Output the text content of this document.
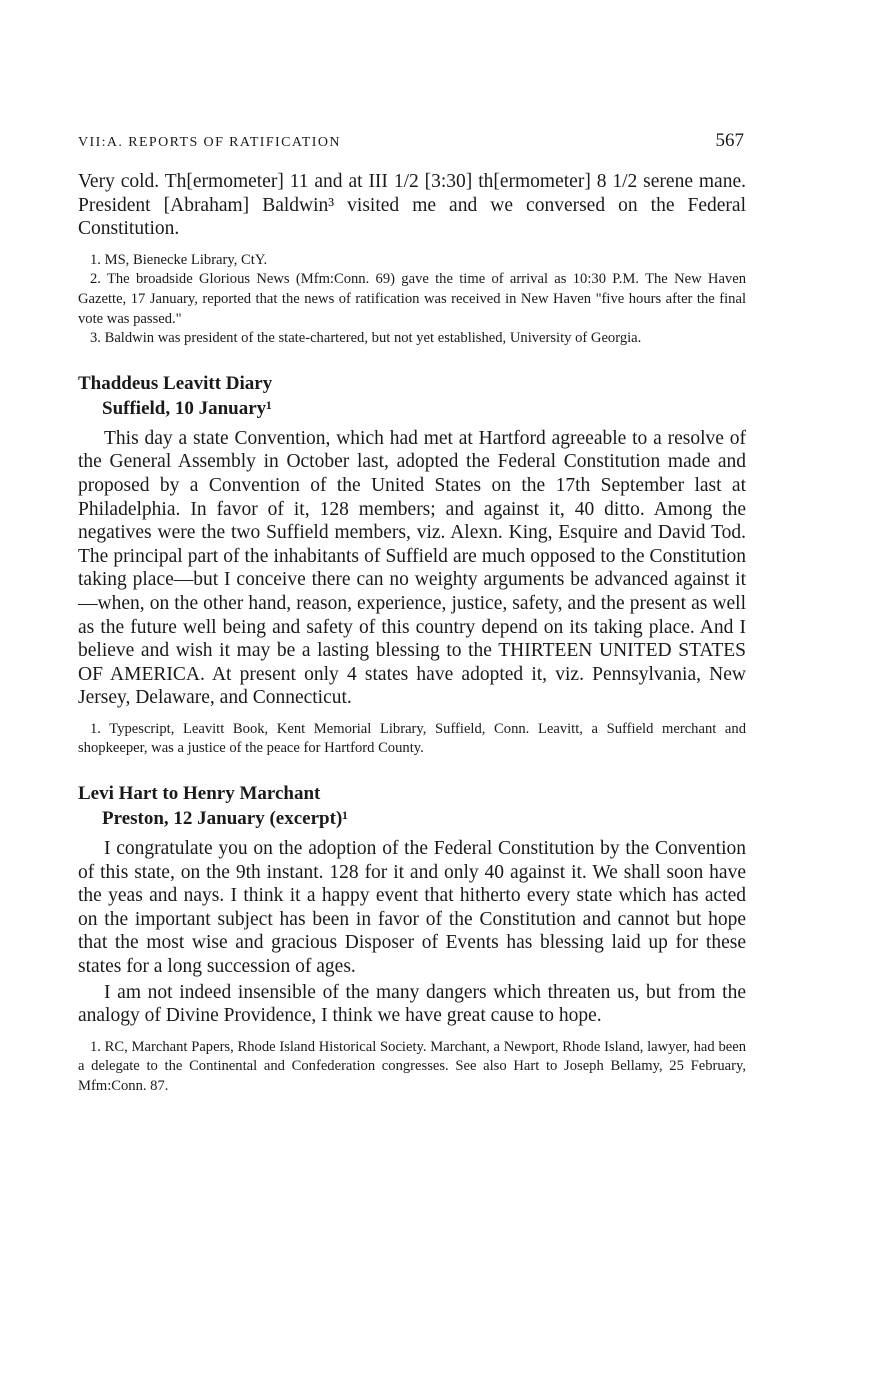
VII:A. REPORTS OF RATIFICATION	567

Very cold. Th[ermometer] 11 and at III 1/2 [3:30] th[ermometer] 8 1/2 serene mane. President [Abraham] Baldwin³ visited me and we conversed on the Federal Constitution.

1. MS, Bienecke Library, CtY.

2. The broadside Glorious News (Mfm:Conn. 69) gave the time of arrival as 10:30 P.M. The New Haven Gazette, 17 January, reported that the news of ratification was received in New Haven "five hours after the final vote was passed."

3. Baldwin was president of the state-chartered, but not yet established, University of Georgia.

Thaddeus Leavitt Diary
Suffield, 10 January¹

This day a state Convention, which had met at Hartford agreeable to a resolve of the General Assembly in October last, adopted the Federal Constitution made and proposed by a Convention of the United States on the 17th September last at Philadelphia. In favor of it, 128 members; and against it, 40 ditto. Among the negatives were the two Suffield members, viz. Alexn. King, Esquire and David Tod. The principal part of the inhabitants of Suffield are much opposed to the Constitution taking place—but I conceive there can no weighty arguments be advanced against it—when, on the other hand, reason, experience, justice, safety, and the present as well as the future well being and safety of this country depend on its taking place. And I believe and wish it may be a lasting blessing to the THIRTEEN UNITED STATES OF AMERICA. At present only 4 states have adopted it, viz. Pennsylvania, New Jersey, Delaware, and Connecticut.

1. Typescript, Leavitt Book, Kent Memorial Library, Suffield, Conn. Leavitt, a Suffield merchant and shopkeeper, was a justice of the peace for Hartford County.

Levi Hart to Henry Marchant
Preston, 12 January (excerpt)¹

I congratulate you on the adoption of the Federal Constitution by the Convention of this state, on the 9th instant. 128 for it and only 40 against it. We shall soon have the yeas and nays. I think it a happy event that hitherto every state which has acted on the important subject has been in favor of the Constitution and cannot but hope that the most wise and gracious Disposer of Events has blessing laid up for these states for a long succession of ages.

I am not indeed insensible of the many dangers which threaten us, but from the analogy of Divine Providence, I think we have great cause to hope.

1. RC, Marchant Papers, Rhode Island Historical Society. Marchant, a Newport, Rhode Island, lawyer, had been a delegate to the Continental and Confederation congresses. See also Hart to Joseph Bellamy, 25 February, Mfm:Conn. 87.
